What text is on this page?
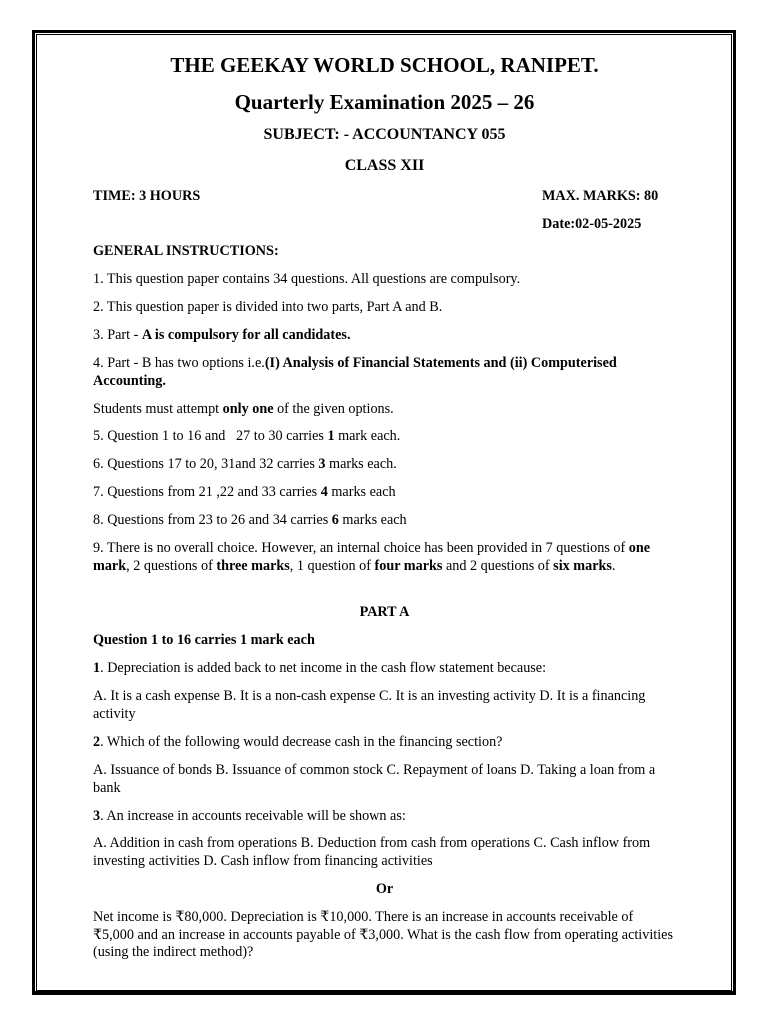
THE GEEKAY WORLD SCHOOL, RANIPET.

Quarterly Examination 2025 – 26

SUBJECT: - ACCOUNTANCY 055

CLASS XII

TIME: 3 HOURS	MAX. MARKS: 80

Date:02-05-2025

GENERAL INSTRUCTIONS:

1. This question paper contains 34 questions. All questions are compulsory.

2. This question paper is divided into two parts, Part A and B.

3. Part - A is compulsory for all candidates.

4. Part - B has two options i.e.(I) Analysis of Financial Statements and (ii) Computerised Accounting.

Students must attempt only one of the given options.

5. Question 1 to 16 and   27 to 30 carries 1 mark each.

6. Questions 17 to 20, 31and 32 carries 3 marks each.

7. Questions from 21 ,22 and 33 carries 4 marks each

8. Questions from 23 to 26 and 34 carries 6 marks each

9. There is no overall choice. However, an internal choice has been provided in 7 questions of one mark, 2 questions of three marks, 1 question of four marks and 2 questions of six marks.

PART A

Question 1 to 16 carries 1 mark each

1. Depreciation is added back to net income in the cash flow statement because:

A. It is a cash expense B. It is a non-cash expense C. It is an investing activity D. It is a financing activity

2. Which of the following would decrease cash in the financing section?

A. Issuance of bonds B. Issuance of common stock C. Repayment of loans D. Taking a loan from a bank

3. An increase in accounts receivable will be shown as:

A. Addition in cash from operations B. Deduction from cash from operations C. Cash inflow from investing activities D. Cash inflow from financing activities

Or

Net income is ₹80,000. Depreciation is ₹10,000. There is an increase in accounts receivable of ₹5,000 and an increase in accounts payable of ₹3,000. What is the cash flow from operating activities (using the indirect method)?
